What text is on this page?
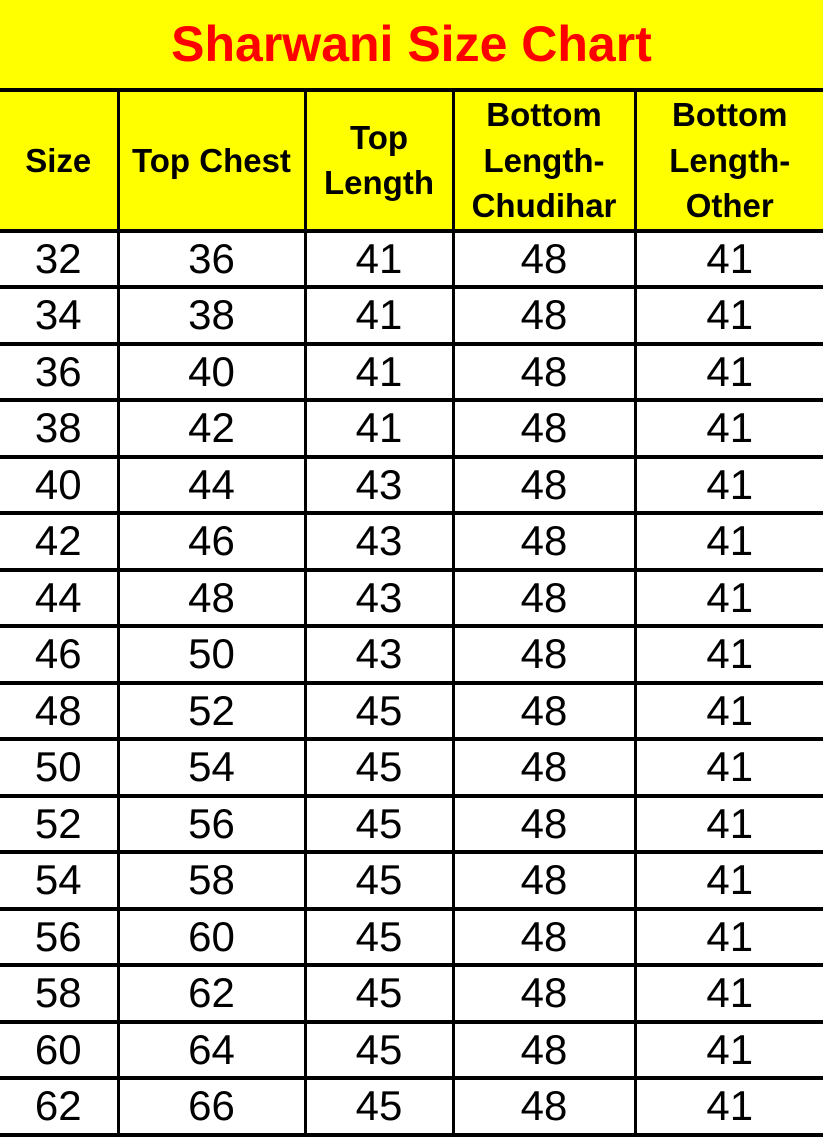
Sharwani Size Chart
Size	Top Chest	Top Length	Bottom Length-Chudihar	Bottom Length-Other
32	36	41	48	41
34	38	41	48	41
36	40	41	48	41
38	42	41	48	41
40	44	43	48	41
42	46	43	48	41
44	48	43	48	41
46	50	43	48	41
48	52	45	48	41
50	54	45	48	41
52	56	45	48	41
54	58	45	48	41
56	60	45	48	41
58	62	45	48	41
60	64	45	48	41
62	66	45	48	41
